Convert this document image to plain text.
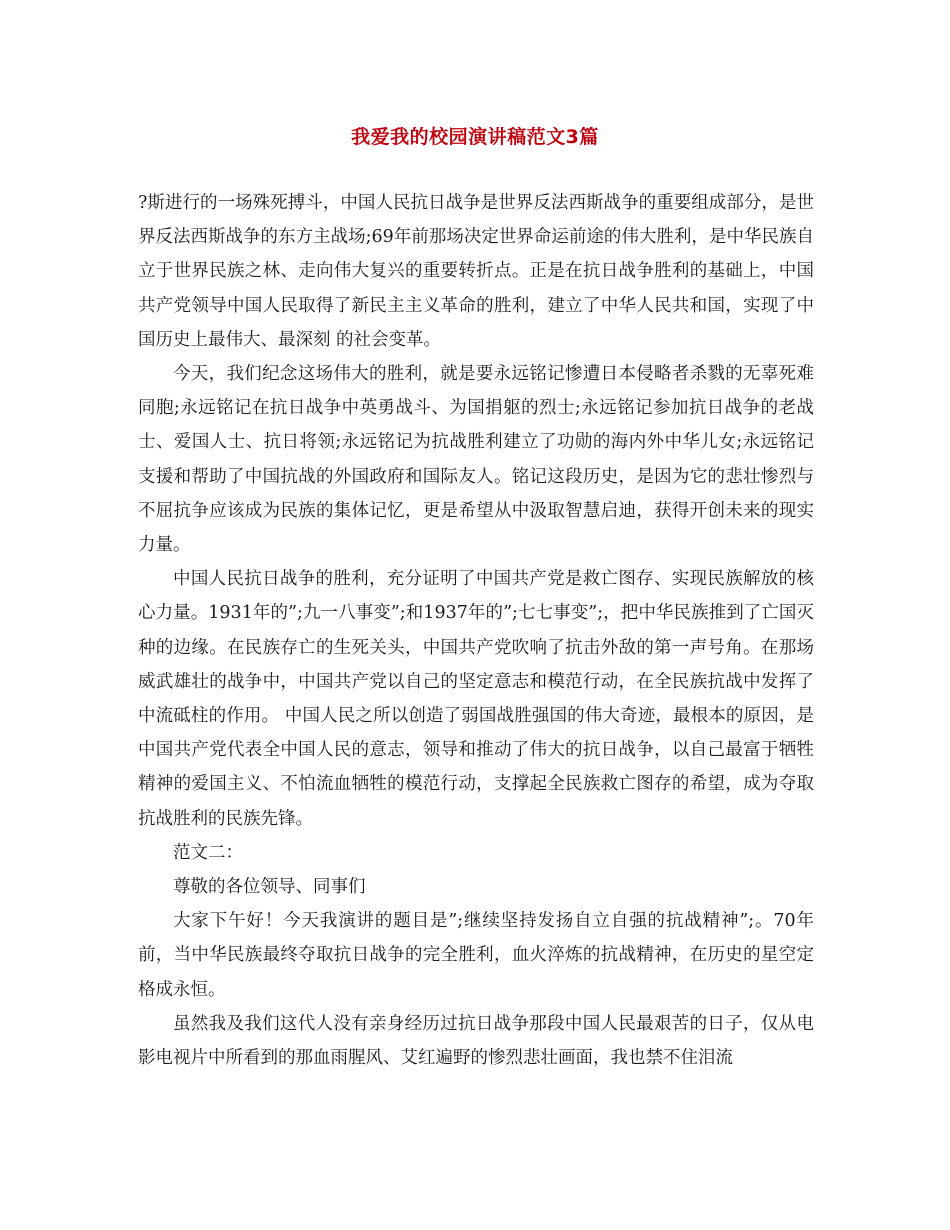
我爱我的校园演讲稿范文3篇

?斯进行的一场殊死搏斗，中国人民抗日战争是世界反法西斯战争的重要组成部分，是世界反法西斯战争的东方主战场;69年前那场决定世界命运前途的伟大胜利，是中华民族自立于世界民族之林、走向伟大复兴的重要转折点。正是在抗日战争胜利的基础上，中国共产党领导中国人民取得了新民主主义革命的胜利，建立了中华人民共和国，实现了中国历史上最伟大、最深刻 的社会变革。

今天，我们纪念这场伟大的胜利，就是要永远铭记惨遭日本侵略者杀戮的无辜死难同胞;永远铭记在抗日战争中英勇战斗、为国捐躯的烈士;永远铭记参加抗日战争的老战士、爱国人士、抗日将领;永远铭记为抗战胜利建立了功勋的海内外中华儿女;永远铭记支援和帮助了中国抗战的外国政府和国际友人。铭记这段历史，是因为它的悲壮惨烈与不屈抗争应该成为民族的集体记忆，更是希望从中汲取智慧启迪，获得开创未来的现实力量。

中国人民抗日战争的胜利，充分证明了中国共产党是救亡图存、实现民族解放的核心力量。1931年的”;九一八事变”;和1937年的”;七七事变”;，把中华民族推到了亡国灭种的边缘。在民族存亡的生死关头，中国共产党吹响了抗击外敌的第一声号角。在那场威武雄壮的战争中，中国共产党以自己的坚定意志和模范行动，在全民族抗战中发挥了中流砥柱的作用。 中国人民之所以创造了弱国战胜强国的伟大奇迹，最根本的原因，是中国共产党代表全中国人民的意志，领导和推动了伟大的抗日战争，以自己最富于牺牲精神的爱国主义、不怕流血牺牲的模范行动，支撑起全民族救亡图存的希望，成为夺取抗战胜利的民族先锋。

范文二：

尊敬的各位领导、同事们

大家下午好！今天我演讲的题目是”;继续坚持发扬自立自强的抗战精神”;。70年前，当中华民族最终夺取抗日战争的完全胜利，血火淬炼的抗战精神，在历史的星空定格成永恒。

虽然我及我们这代人没有亲身经历过抗日战争那段中国人民最艰苦的日子，仅从电影电视片中所看到的那血雨腥风、艾红遍野的惨烈悲壮画面，我也禁不住泪流
